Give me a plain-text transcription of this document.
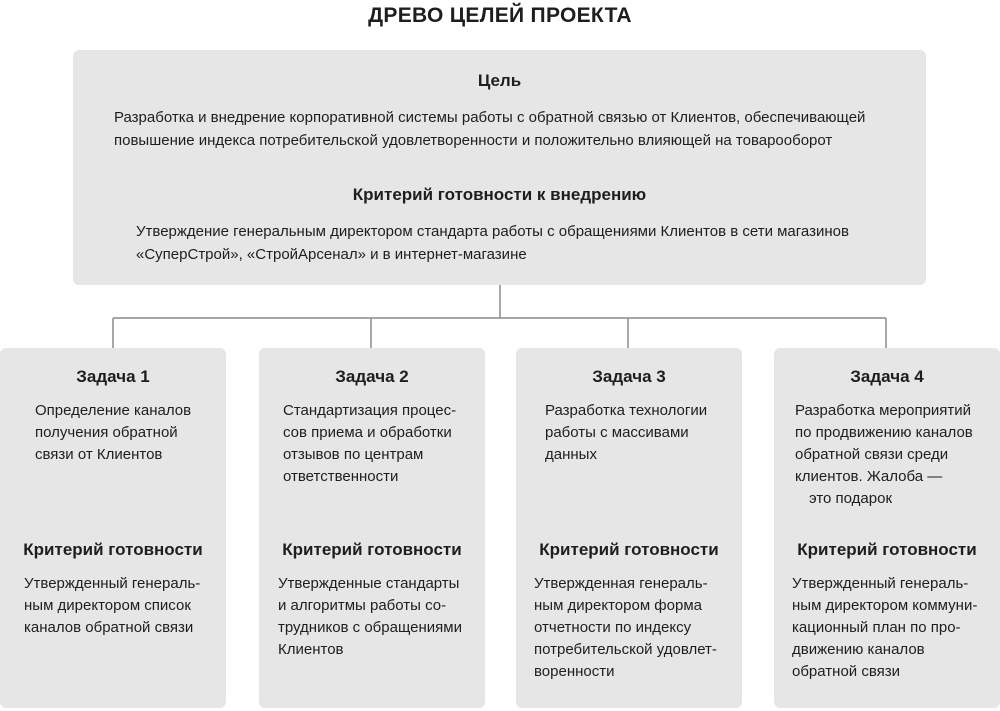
ДРЕВО ЦЕЛЕЙ ПРОЕКТА
Цель

Разработка и внедрение корпоративной системы работы с обратной связью от Клиентов, обеспечивающей
повышение индекса потребительской удовлетворенности и положительно влияющей на товарооборот

Критерий готовности к внедрению

Утверждение генеральным директором стандарта работы с обращениями Клиентов в сети магазинов
«СуперСтрой», «СтройАрсенал» и в интернет-магазине

Задача 1

Определение каналов
получения обратной
связи от Клиентов

Критерий готовности

Утвержденный генераль-
ным директором список
каналов обратной связи

Задача 2

Стандартизация процес-
сов приема и обработки
отзывов по центрам
ответственности

Критерий готовности

Утвержденные стандарты
и алгоритмы работы со-
трудников с обращениями
Клиентов

Задача 3

Разработка технологии
работы с массивами
данных

Критерий готовности

Утвержденная генераль-
ным директором форма
отчетности по индексу
потребительской удовлет-
воренности

Задача 4

Разработка мероприятий
по продвижению каналов
обратной связи среди
клиентов. Жалоба —
это подарок

Критерий готовности

Утвержденный генераль-
ным директором коммуни-
кационный план по про-
движению каналов
обратной связи
